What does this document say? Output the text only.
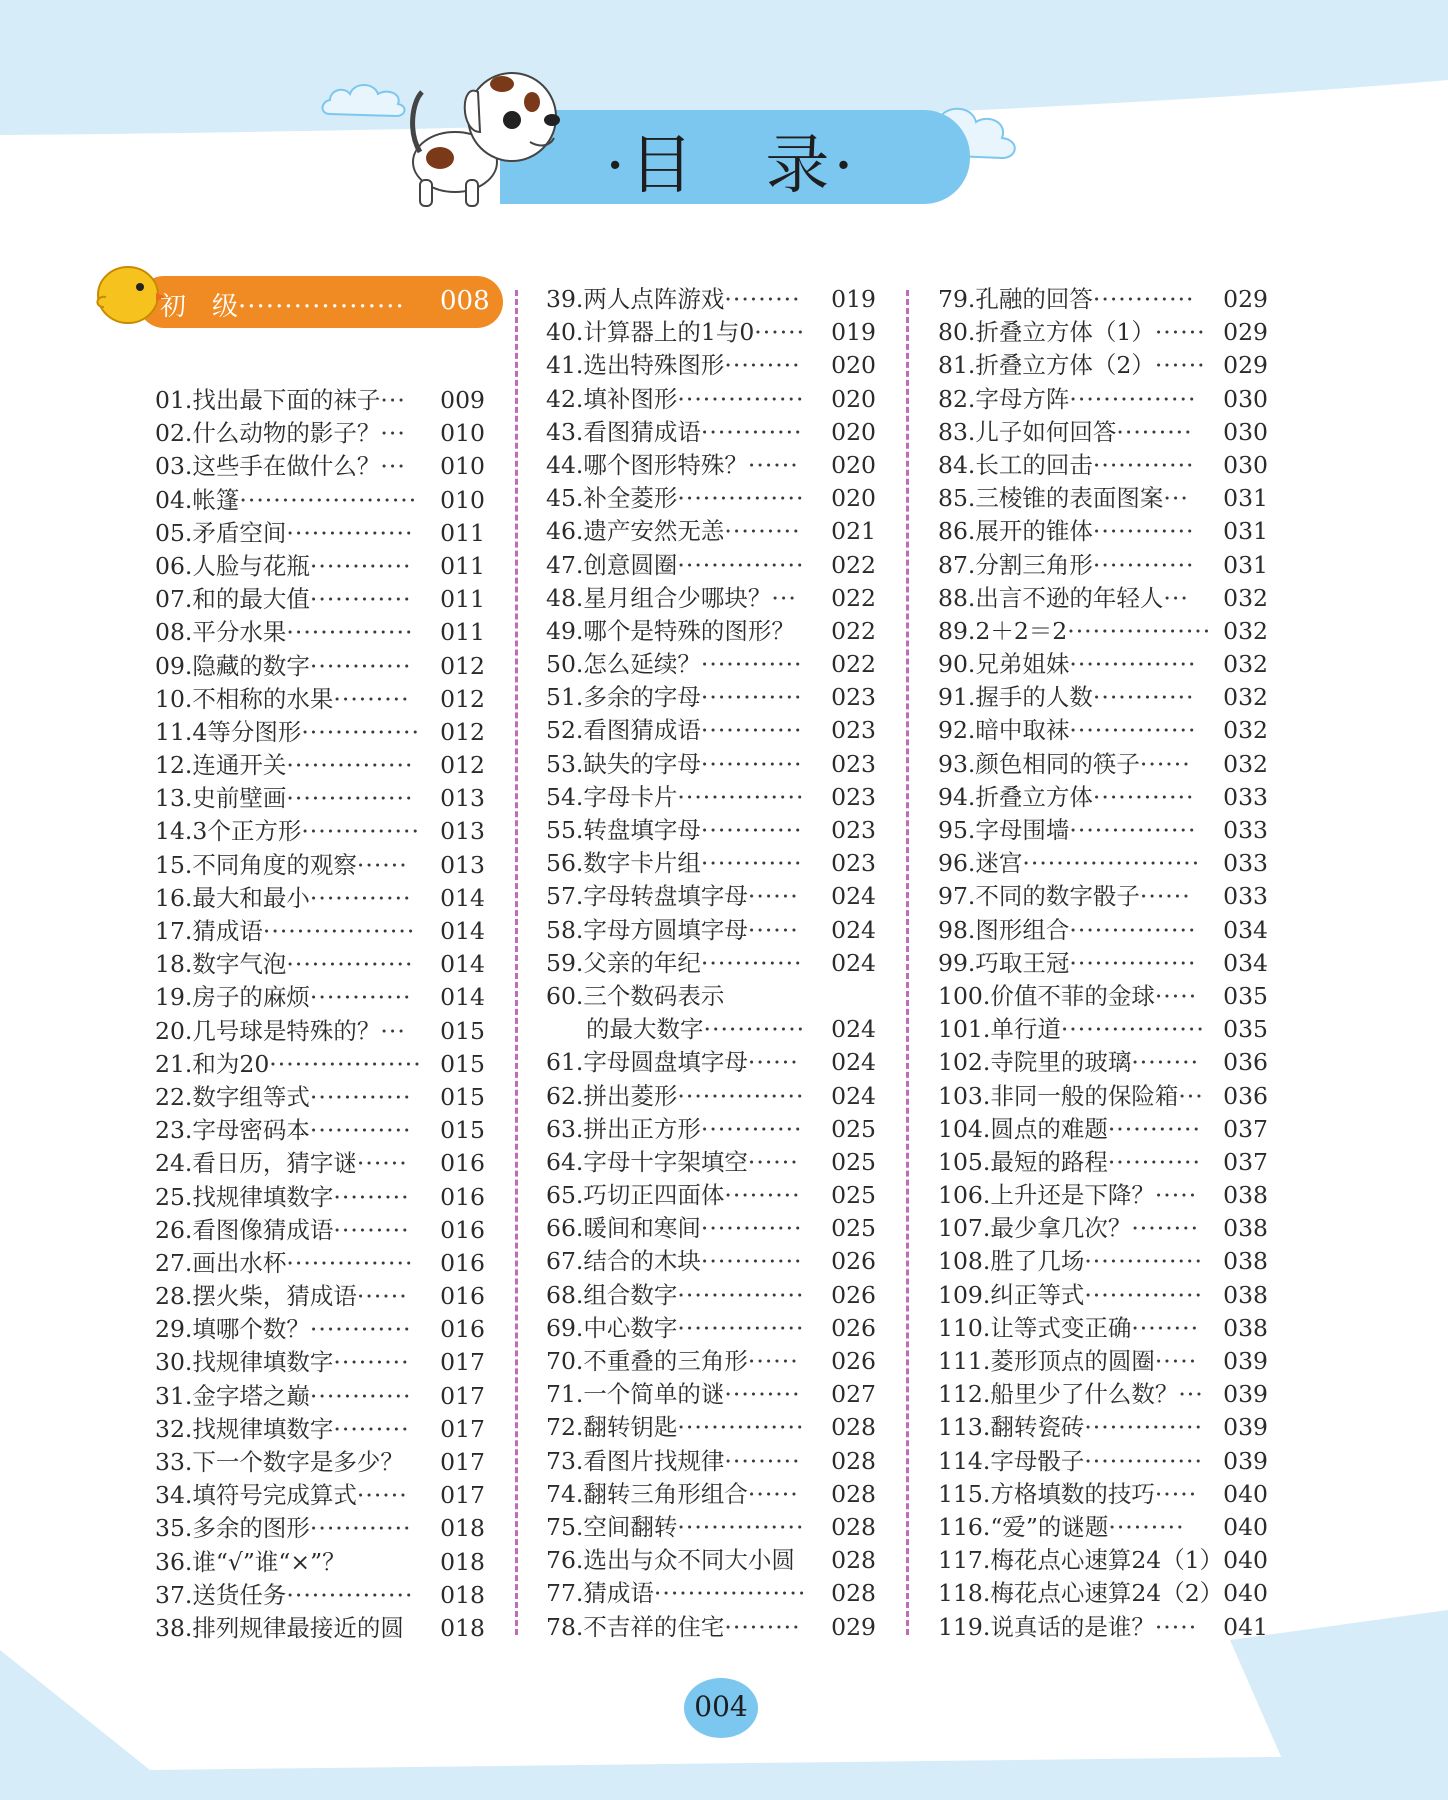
·目　录·
初　级·················· 008
01.找出最下面的袜子··· 009
02.什么动物的影子？··· 010
03.这些手在做什么？··· 010
04.帐篷····················· 010
05.矛盾空间··············· 011
06.人脸与花瓶············ 011
07.和的最大值············ 011
08.平分水果··············· 011
09.隐藏的数字············ 012
10.不相称的水果········· 012
11.4等分图形·············· 012
12.连通开关··············· 012
13.史前壁画··············· 013
14.3个正方形·············· 013
15.不同角度的观察······ 013
16.最大和最小············ 014
17.猜成语·················· 014
18.数字气泡··············· 014
19.房子的麻烦············ 014
20.几号球是特殊的？··· 015
21.和为20·················· 015
22.数字组等式············ 015
23.字母密码本············ 015
24.看日历，猜字谜······ 016
25.找规律填数字········· 016
26.看图像猜成语········· 016
27.画出水杯··············· 016
28.摆火柴，猜成语······ 016
29.填哪个数？············ 016
30.找规律填数字········· 017
31.金字塔之巅············ 017
32.找规律填数字········· 017
33.下一个数字是多少？ 017
34.填符号完成算式······ 017
35.多余的图形············ 018
36.谁“√”谁“×”？	018
37.送货任务··············· 018
38.排列规律最接近的圆 018
39.两人点阵游戏········· 019
40.计算器上的1与0······ 019
41.选出特殊图形········· 020
42.填补图形··············· 020
43.看图猜成语············ 020
44.哪个图形特殊？······ 020
45.补全菱形··············· 020
46.遗产安然无恙········· 021
47.创意圆圈··············· 022
48.星月组合少哪块？··· 022
49.哪个是特殊的图形？ 022
50.怎么延续？············ 022
51.多余的字母············ 023
52.看图猜成语············ 023
53.缺失的字母············ 023
54.字母卡片··············· 023
55.转盘填字母············ 023
56.数字卡片组············ 023
57.字母转盘填字母······ 024
58.字母方圆填字母······ 024
59.父亲的年纪············ 024
60.三个数码表示
的最大数字············ 024
61.字母圆盘填字母······ 024
62.拼出菱形··············· 024
63.拼出正方形············ 025
64.字母十字架填空······ 025
65.巧切正四面体········· 025
66.暖间和寒间············ 025
67.结合的木块············ 026
68.组合数字··············· 026
69.中心数字··············· 026
70.不重叠的三角形······ 026
71.一个简单的谜········· 027
72.翻转钥匙··············· 028
73.看图片找规律········· 028
74.翻转三角形组合······ 028
75.空间翻转··············· 028
76.选出与众不同大小圆 028
77.猜成语·················· 028
78.不吉祥的住宅········· 029
79.孔融的回答············ 029
80.折叠立方体（1）······ 029
81.折叠立方体（2）······ 029
82.字母方阵··············· 030
83.儿子如何回答········· 030
84.长工的回击············ 030
85.三棱锥的表面图案··· 031
86.展开的锥体············ 031
87.分割三角形············ 031
88.出言不逊的年轻人··· 032
89.2＋2＝2················· 032
90.兄弟姐妹··············· 032
91.握手的人数············ 032
92.暗中取袜··············· 032
93.颜色相同的筷子······ 032
94.折叠立方体············ 033
95.字母围墙··············· 033
96.迷宫····················· 033
97.不同的数字骰子······ 033
98.图形组合··············· 034
99.巧取王冠··············· 034
100.价值不菲的金球····· 035
101.单行道················· 035
102.寺院里的玻璃········ 036
103.非同一般的保险箱··· 036
104.圆点的难题··········· 037
105.最短的路程··········· 037
106.上升还是下降？····· 038
107.最少拿几次？········ 038
108.胜了几场·············· 038
109.纠正等式·············· 038
110.让等式变正确········ 038
111.菱形顶点的圆圈····· 039
112.船里少了什么数？··· 039
113.翻转瓷砖·············· 039
114.字母骰子·············· 039
115.方格填数的技巧····· 040
116.“爱”的谜题········· 040
117.梅花点心速算24（1） 040
118.梅花点心速算24（2） 040
119.说真话的是谁？····· 041
004
